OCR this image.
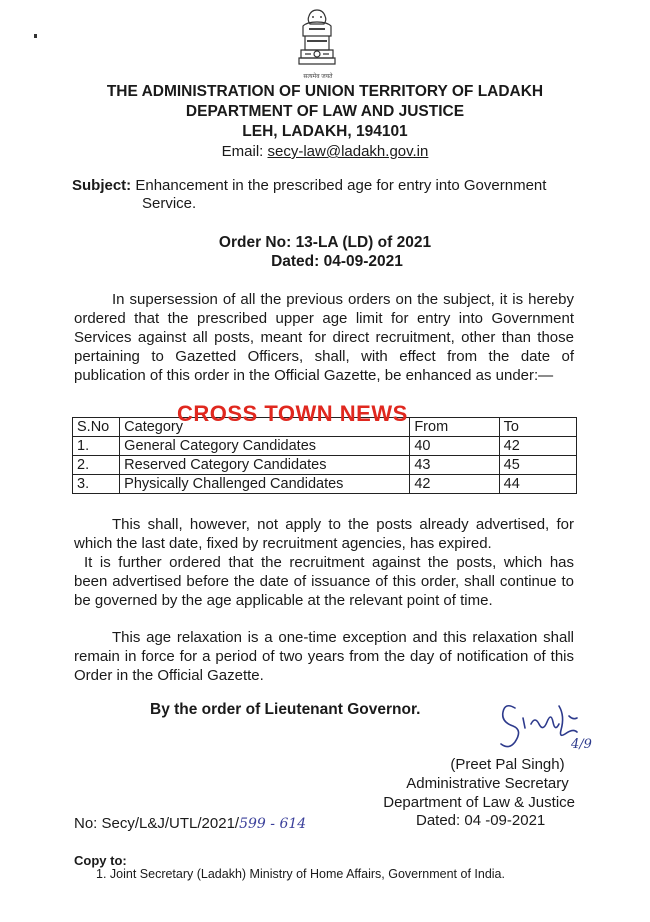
सत्यमेव जयते
THE ADMINISTRATION OF UNION TERRITORY OF LADAKH
DEPARTMENT OF LAW AND JUSTICE
LEH, LADAKH, 194101
Email: secy-law@ladakh.gov.in
Subject: Enhancement in the prescribed age for entry into Government
Service.
Order No: 13-LA (LD) of 2021
Dated: 04-09-2021
In supersession of all the previous orders on the subject, it is hereby ordered that the prescribed upper age limit for entry into Government Services against all posts, meant for direct recruitment, other than those pertaining to Gazetted Officers, shall, with effect from the date of publication of this order in the Official Gazette, be enhanced as under:—
S.No	Category	From	To
1.	General Category Candidates	40	42
2.	Reserved Category Candidates	43	45
3.	Physically Challenged Candidates	42	44
CROSS TOWN NEWS
This shall, however, not apply to the posts already advertised, for which the last date, fixed by recruitment agencies, has expired.
It is further ordered that the recruitment against the posts, which has been advertised before the date of issuance of this order, shall continue to be governed by the age applicable at the relevant point of time.
This age relaxation is a one-time exception and this relaxation shall remain in force for a period of two years from the day of notification of this Order in the Official Gazette.
By the order of Lieutenant Governor.
4/9
(Preet Pal Singh)
Administrative Secretary
Department of Law & Justice
No: Secy/L&J/UTL/2021/599 - 614	Dated: 04 -09-2021
Copy to:
1. Joint Secretary (Ladakh) Ministry of Home Affairs, Government of India.
